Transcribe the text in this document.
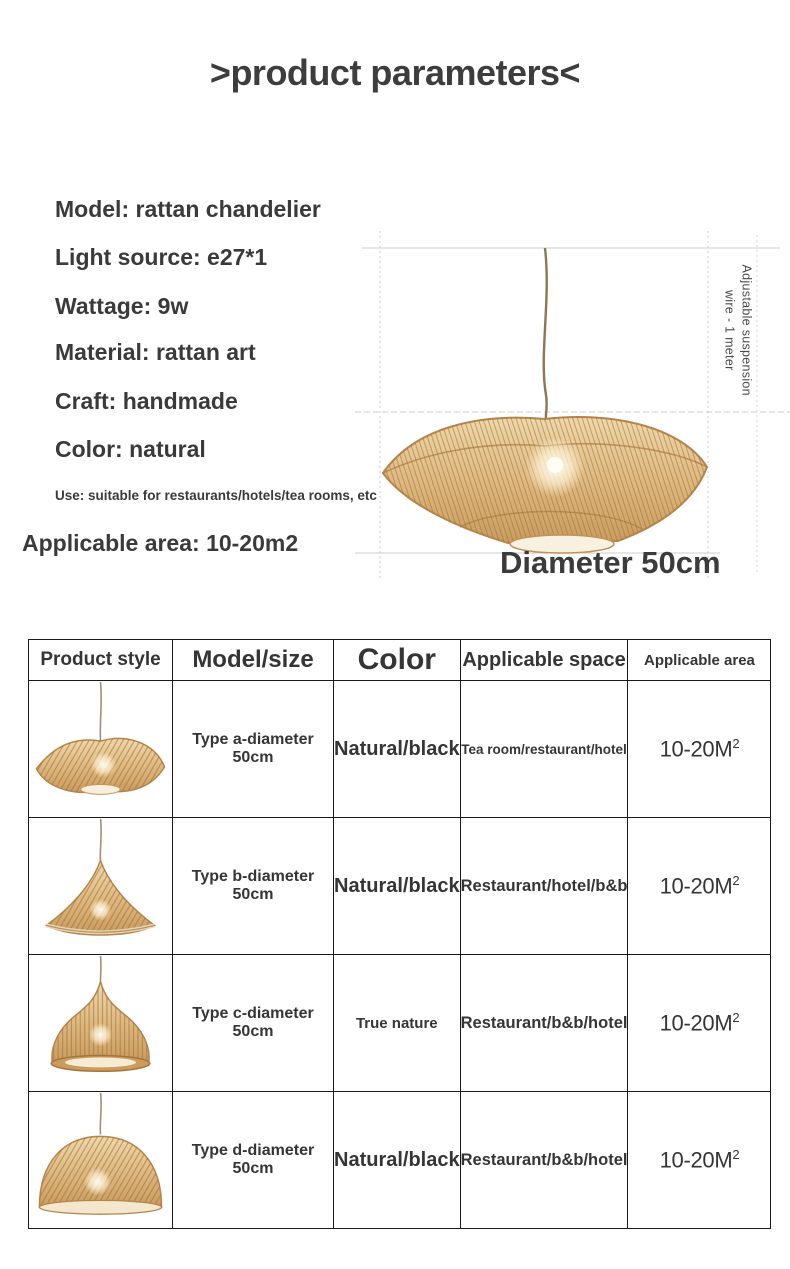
>product parameters<
Model: rattan chandelier
Light source: e27*1
Wattage: 9w
Material: rattan art
Craft: handmade
Color: natural
Use: suitable for restaurants/hotels/tea rooms, etc
Applicable area: 10-20m2
Diameter 50cm
Adjustable suspension
wire - 1 meter
Product style	Model/size	Color	Applicable space	Applicable area

	Type a-diameter 50cm	Natural/black	Tea room/restaurant/hotel	$10-20M^2$

	Type b-diameter 50cm	Natural/black	Restaurant/hotel/b&b	$10-20M^2$

	Type c-diameter 50cm	True nature	Restaurant/b&b/hotel	$10-20M^2$

	Type d-diameter 50cm	Natural/black	Restaurant/b&b/hotel	$10-20M^2$
